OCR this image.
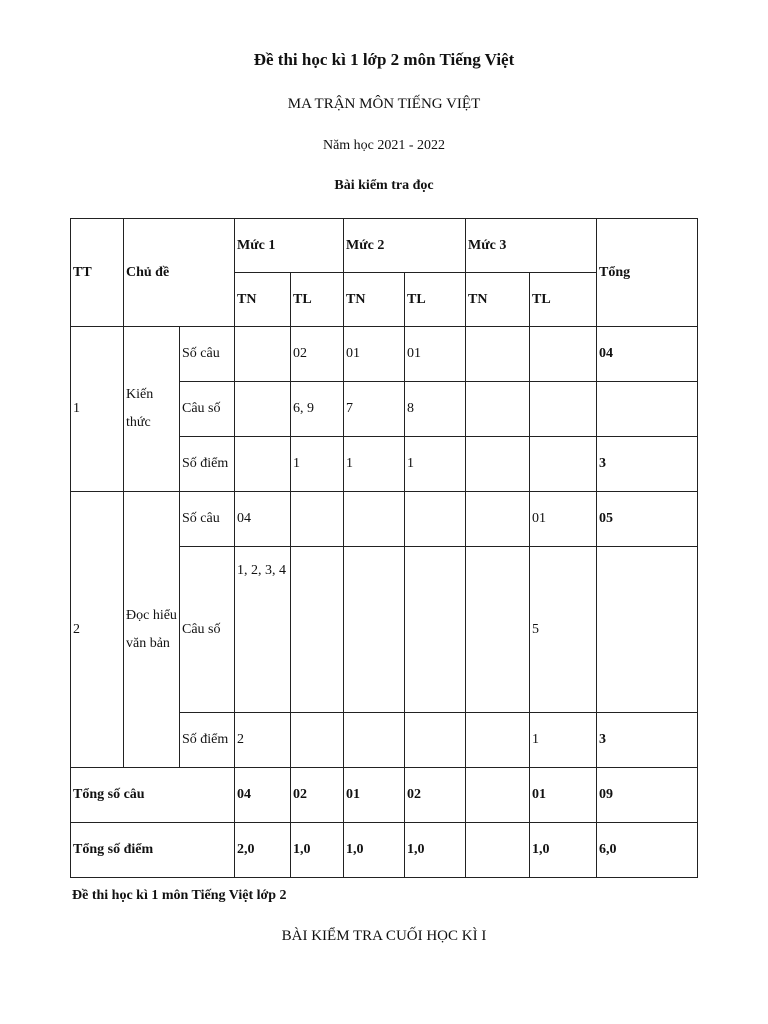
Đề thi học kì 1 lớp 2 môn Tiếng Việt
MA TRẬN MÔN TIẾNG VIỆT
Năm học 2021 - 2022
Bài kiểm tra đọc
TT	Chủ đề		Mức 1		Mức 2		Mức 3		Tổng
			TN	TL	TN	TL	TN	TL	
1	Kiến thức	Số câu		02	01	01			04
		Câu số		6, 9	7	8			
		Số điểm		1	1	1			3
2	Đọc hiểu văn bản	Số câu	04					01	05
		Câu số	1, 2, 3, 4					5	
		Số điểm	2					1	3
Tổng số câu			04	02	01	02		01	09
Tổng số điểm			2,0	1,0	1,0	1,0		1,0	6,0
Đề thi học kì 1 môn Tiếng Việt lớp 2
BÀI KIỂM TRA CUỐI HỌC KÌ I
